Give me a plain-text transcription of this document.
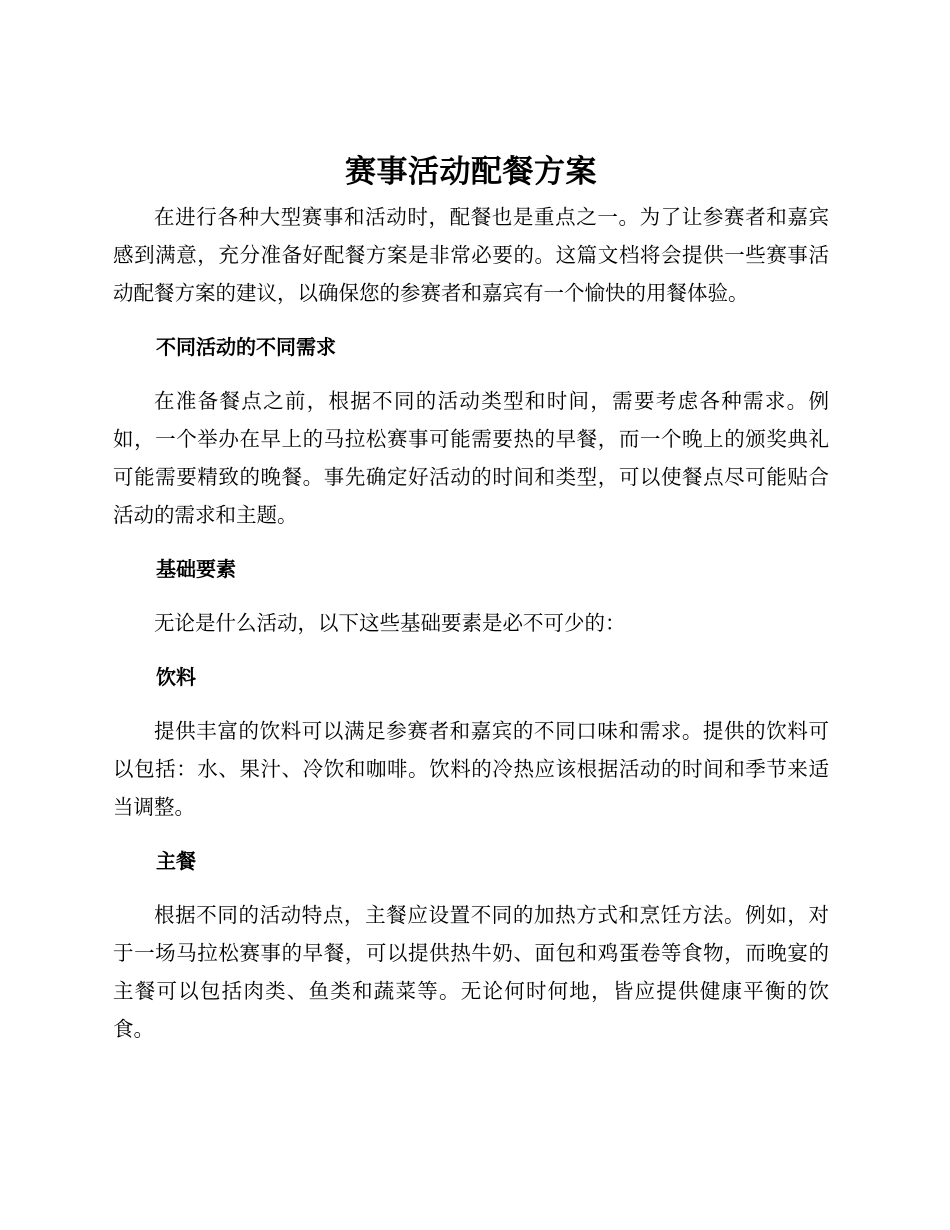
赛事活动配餐方案

在进行各种大型赛事和活动时，配餐也是重点之一。为了让参赛者和嘉宾感到满意，充分准备好配餐方案是非常必要的。这篇文档将会提供一些赛事活动配餐方案的建议，以确保您的参赛者和嘉宾有一个愉快的用餐体验。

不同活动的不同需求

在准备餐点之前，根据不同的活动类型和时间，需要考虑各种需求。例如，一个举办在早上的马拉松赛事可能需要热的早餐，而一个晚上的颁奖典礼可能需要精致的晚餐。事先确定好活动的时间和类型，可以使餐点尽可能贴合活动的需求和主题。

基础要素

无论是什么活动，以下这些基础要素是必不可少的：

饮料

提供丰富的饮料可以满足参赛者和嘉宾的不同口味和需求。提供的饮料可以包括：水、果汁、冷饮和咖啡。饮料的冷热应该根据活动的时间和季节来适当调整。

主餐

根据不同的活动特点，主餐应设置不同的加热方式和烹饪方法。例如，对于一场马拉松赛事的早餐，可以提供热牛奶、面包和鸡蛋卷等食物，而晚宴的主餐可以包括肉类、鱼类和蔬菜等。无论何时何地，皆应提供健康平衡的饮食。
